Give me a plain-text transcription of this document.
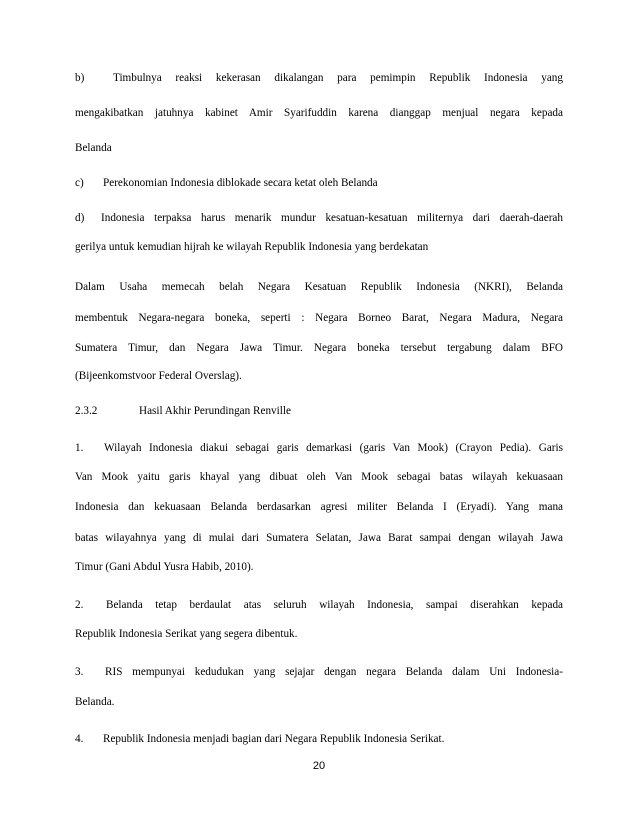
b)	Timbulnya reaksi kekerasan dikalangan para pemimpin Republik Indonesia yang
mengakibatkan jatuhnya kabinet Amir Syarifuddin karena dianggap menjual negara kepada
Belanda
c) Perekonomian Indonesia diblokade secara ketat oleh Belanda
d) Indonesia terpaksa harus menarik mundur kesatuan-kesatuan militernya dari daerah-daerah
gerilya untuk kemudian hijrah ke wilayah Republik Indonesia yang berdekatan
Dalam Usaha memecah belah Negara Kesatuan Republik Indonesia (NKRI), Belanda
membentuk Negara-negara boneka, seperti : Negara Borneo Barat, Negara Madura, Negara
Sumatera Timur, dan Negara Jawa Timur. Negara boneka tersebut tergabung dalam BFO
(Bijeenkomstvoor Federal Overslag).
2.3.2	Hasil Akhir Perundingan Renville
1. Wilayah Indonesia diakui sebagai garis demarkasi (garis Van Mook) (Crayon Pedia). Garis
Van Mook yaitu garis khayal yang dibuat oleh Van Mook sebagai batas wilayah kekuasaan
Indonesia dan kekuasaan Belanda berdasarkan agresi militer Belanda I (Eryadi). Yang mana
batas wilayahnya yang di mulai dari Sumatera Selatan, Jawa Barat sampai dengan wilayah Jawa
Timur (Gani Abdul Yusra Habib, 2010).
2. Belanda tetap berdaulat atas seluruh wilayah Indonesia, sampai diserahkan kepada
Republik Indonesia Serikat yang segera dibentuk.
3. RIS mempunyai kedudukan yang sejajar dengan negara Belanda dalam Uni Indonesia-
Belanda.
4. Republik Indonesia menjadi bagian dari Negara Republik Indonesia Serikat.
20
